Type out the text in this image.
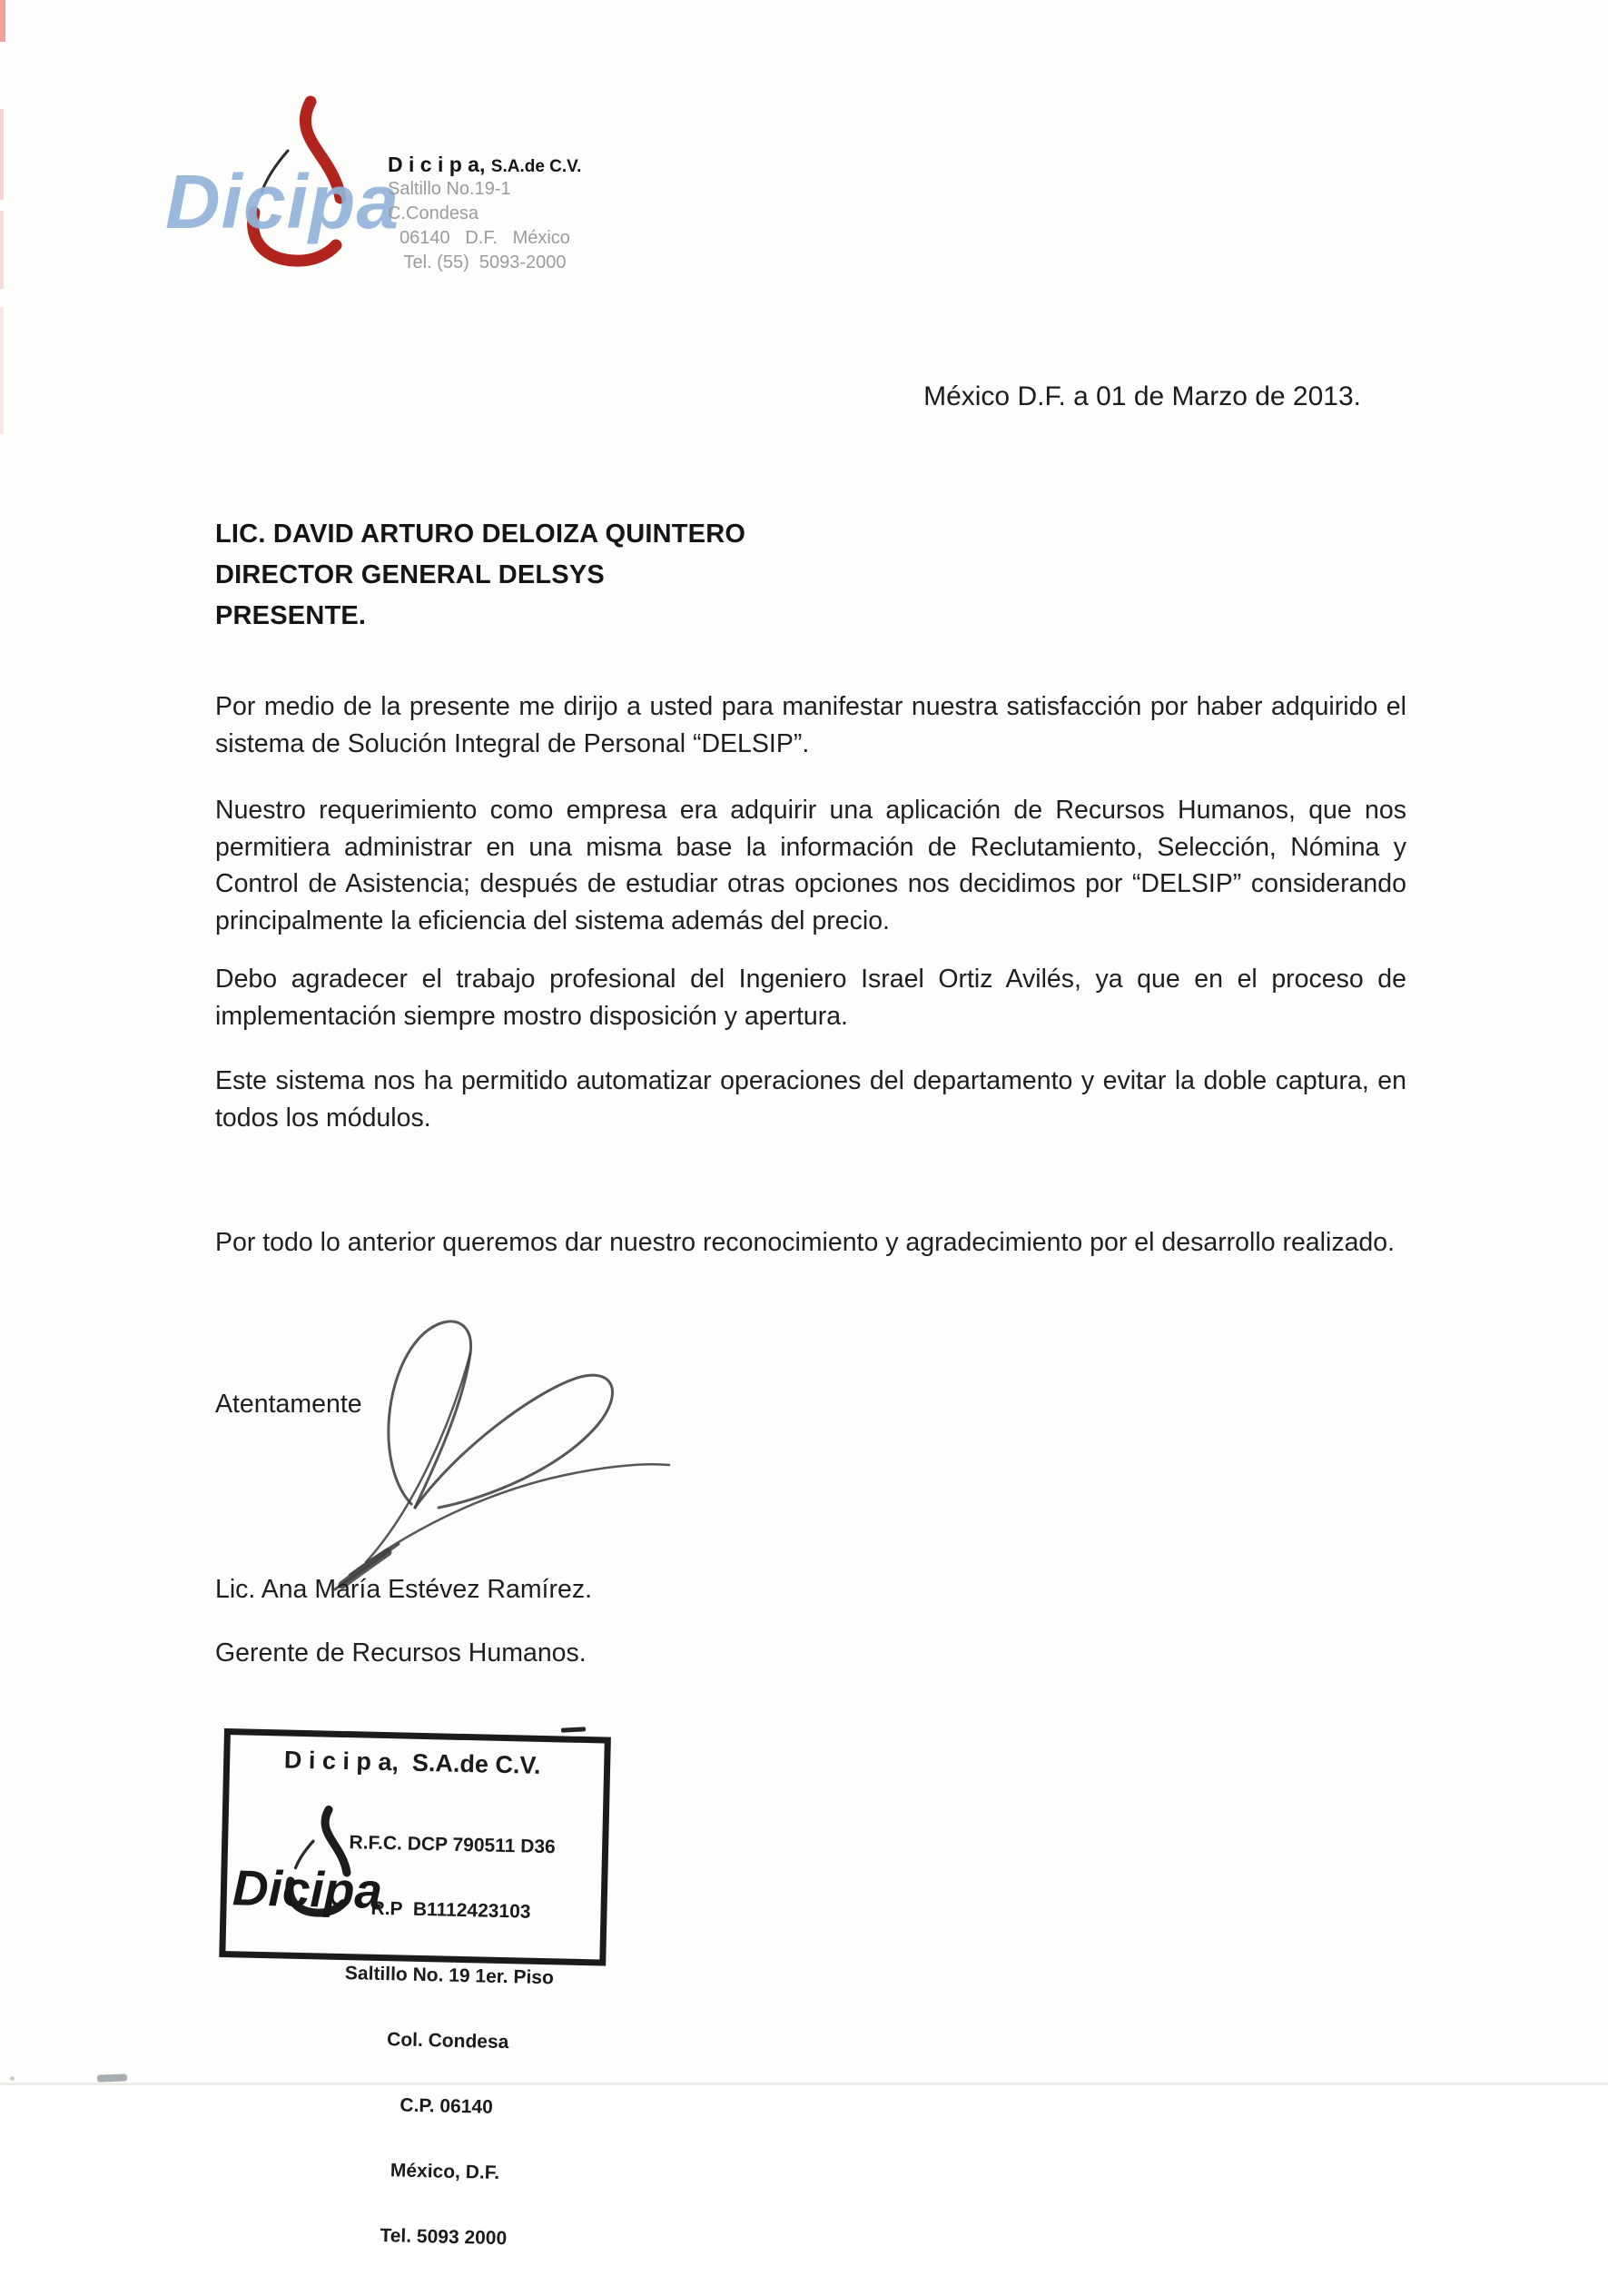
Dicipa
D i c i p a, S.A.de C.V.
Saltillo No.19-1   C.Condesa
06140   D.F.   México
Tel. (55)  5093-2000
México D.F. a 01 de Marzo de 2013.
LIC. DAVID ARTURO DELOIZA QUINTERO
DIRECTOR GENERAL DELSYS
PRESENTE.

Por medio de la presente me dirijo a usted para manifestar nuestra satisfacción por haber adquirido el sistema de Solución Integral de Personal “DELSIP”.

Nuestro requerimiento como empresa era adquirir una aplicación de Recursos Humanos, que nos permitiera administrar en una misma base la información de Reclutamiento, Selección, Nómina y Control de Asistencia; después de estudiar otras opciones nos decidimos por “DELSIP” considerando principalmente la eficiencia del sistema además del precio.

Debo agradecer el trabajo profesional del Ingeniero Israel Ortiz Avilés, ya que en el proceso de implementación siempre mostro disposición y apertura.

Este sistema nos ha permitido automatizar operaciones del departamento y evitar la doble captura, en todos los módulos.

Por todo lo anterior queremos dar nuestro reconocimiento y agradecimiento por el desarrollo realizado.

Atentamente
Lic. Ana María Estévez Ramírez.
Gerente de Recursos Humanos.
D i c i p a,  S.A.de C.V.

R.F.C. DCP 790511 D36

R.P  B1112423103

Saltillo No. 19 1er. Piso

Col. Condesa

C.P. 06140

México, D.F.

Tel. 5093 2000

Dicipa
